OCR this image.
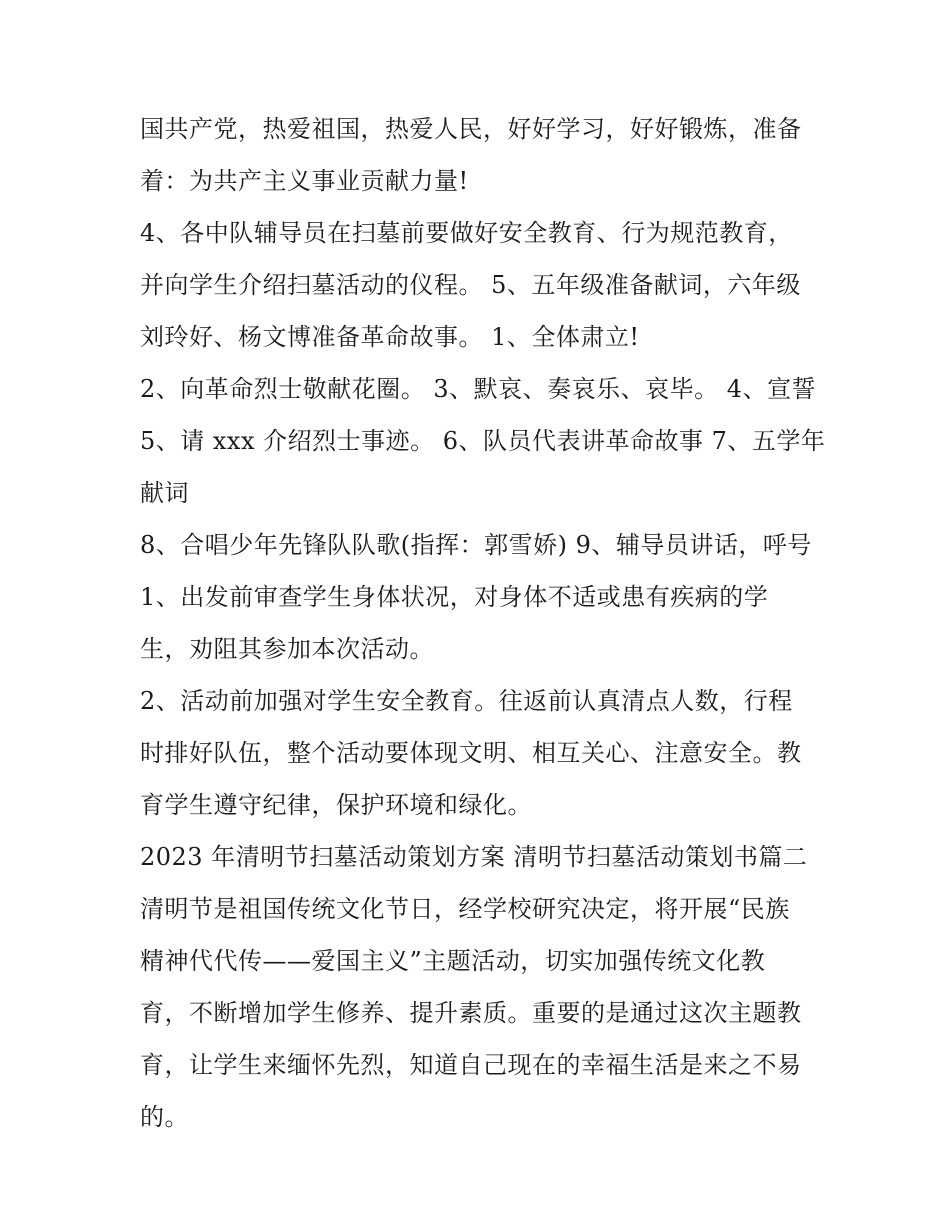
国共产党，热爱祖国，热爱人民，好好学习，好好锻炼，准备
着：为共产主义事业贡献力量!
4、各中队辅导员在扫墓前要做好安全教育、行为规范教育，
并向学生介绍扫墓活动的仪程。 5、五年级准备献词，六年级
刘玲好、杨文博准备革命故事。 1、全体肃立!
2、向革命烈士敬献花圈。 3、默哀、奏哀乐、哀毕。 4、宣誓
5、请 xxx 介绍烈士事迹。 6、队员代表讲革命故事 7、五学年
献词
8、合唱少年先锋队队歌(指挥：郭雪娇) 9、辅导员讲话，呼号
1、出发前审查学生身体状况，对身体不适或患有疾病的学
生，劝阻其参加本次活动。
2、活动前加强对学生安全教育。往返前认真清点人数，行程
时排好队伍，整个活动要体现文明、相互关心、注意安全。教
育学生遵守纪律，保护环境和绿化。
2023 年清明节扫墓活动策划方案 清明节扫墓活动策划书篇二
清明节是祖国传统文化节日，经学校研究决定，将开展“民族
精神代代传——爱国主义”主题活动，切实加强传统文化教
育，不断增加学生修养、提升素质。重要的是通过这次主题教
育，让学生来缅怀先烈，知道自己现在的幸福生活是来之不易
的。
